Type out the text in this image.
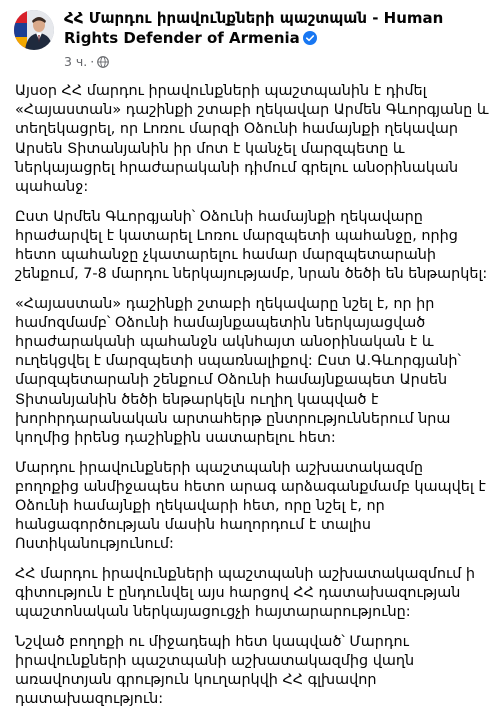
ՀՀ Մարդու իրավունքների պաշտպան - Human Rights Defender of Armenia
3 ч. ·

Այսօր ՀՀ մարդու իրավունքների պաշտպանին է դիմել «Հայաստան» դաշինքի շտաբի ղեկավար Արմեն Գևորգյանը և տեղեկացրել, որ Լոռու մարզի Օձունի համայնքի ղեկավար Արսեն Տիտանյանին իր մոտ է կանչել մարզպետը և ներկայացրել հրաժարականի դիմում գրելու անօրինական պահանջ:

Ըստ Արմեն Գևորգյանի՝ Օձունի համայնքի ղեկավարը հրաժարվել է կատարել Լոռու մարզպետի պահանջը, որից հետո պահանջը չկատարելու համար մարզպետարանի շենքում, 7-8 մարդու ներկայությամբ, նրան ծեծի են ենթարկել:

«Հայաստան» դաշինքի շտաբի ղեկավարը նշել է, որ իր համոզմամբ՝ Օձունի համայնքապետին ներկայացված հրաժարականի պահանջն ակնհայտ անօրինական է և ուղեկցվել է մարզպետի սպառնալիքով: Ըստ Ա.Գևորգյանի՝ մարզպետարանի շենքում Օձունի համայնքապետ Արսեն Տիտանյանին ծեծի ենթարկելն ուղիղ կապված է խորհրդարանական արտահերթ ընտրություններում նրա կողմից իրենց դաշինքին սատարելու հետ:

Մարդու իրավունքների պաշտպանի աշխատակազմը բողոքից անմիջապես հետո արագ արձագանքմամբ կապվել է Օձունի համայնքի ղեկավարի հետ, որը նշել է, որ հանցագործության մասին հաղորդում է տալիս Ոստիկանությունում:

ՀՀ մարդու իրավունքների պաշտպանի աշխատակազմում ի գիտություն է ընդունվել այս հարցով ՀՀ դատախազության պաշտոնական ներկայացուցչի հայտարարությունը:

Նշված բողոքի ու միջադեպի հետ կապված՝ Մարդու իրավունքների պաշտպանի աշխատակազմից վաղն առավոտյան գրություն կուղարկվի ՀՀ գլխավոր դատախազություն:
